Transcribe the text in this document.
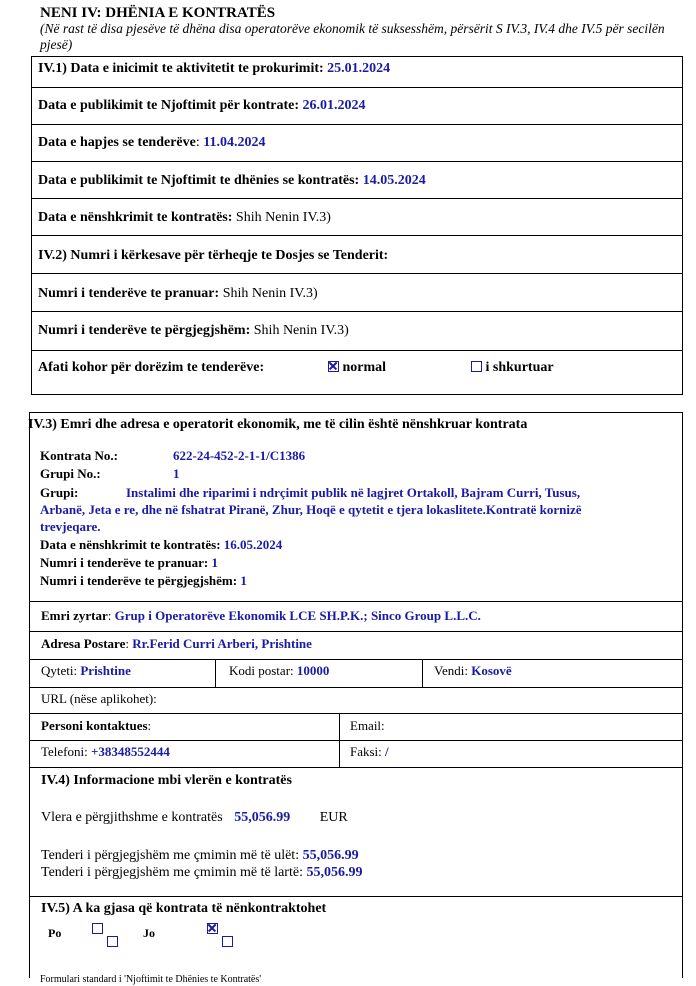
NENI IV: DHËNIA E KONTRATËS
(Në rast të disa pjesëve të dhëna disa operatorëve ekonomik të suksesshëm, përsërit S IV.3, IV.4 dhe IV.5 për secilën pjesë)
IV.1) Data e inicimit te aktivitetit te prokurimit: 25.01.2024
Data e publikimit te Njoftimit për kontrate: 26.01.2024
Data e hapjes se tenderëve: 11.04.2024
Data e publikimit te Njoftimit te dhënies se kontratës: 14.05.2024
Data e nënshkrimit te kontratës: Shih Nenin IV.3)
IV.2) Numri i kërkesave për tërheqje te Dosjes se Tenderit:
Numri i tenderëve te pranuar: Shih Nenin IV.3)
Numri i tenderëve te përgjegjshëm: Shih Nenin IV.3)
Afati kohor për dorëzim te tenderëve:	normal	i shkurtuar
IV.3) Emri dhe adresa e operatorit ekonomik, me të cilin është nënshkruar kontrata
Kontrata No.:	622-24-452-2-1-1/C1386
Grupi No.:	1
Grupi:	Instalimi dhe riparimi i ndrçimit publik në lagjret Ortakoll, Bajram Curri, Tusus,
Arbanë, Jeta e re, dhe në fshatrat Piranë, Zhur, Hoqë e qytetit e tjera lokaslitete.Kontratë kornizë
trevjeqare.
Data e nënshkrimit te kontratës: 16.05.2024
Numri i tenderëve te pranuar: 1
Numri i tenderëve te përgjegjshëm: 1
Emri zyrtar: Grup i Operatorëve Ekonomik LCE SH.P.K.; Sinco Group L.L.C.
Adresa Postare: Rr.Ferid Curri Arberi, Prishtine
Qyteti: Prishtine	Kodi postar: 10000	Vendi: Kosovë
URL (nëse aplikohet):
Personi kontaktues:	Email:
Telefoni: +38348552444	Faksi: /
IV.4) Informacione mbi vlerën e kontratës
Vlera e përgjithshme e kontratës 55,056.99 EUR
Tenderi i përgjegjshëm me çmimin më të ulët: 55,056.99
Tenderi i përgjegjshëm me çmimin më të lartë: 55,056.99
IV.5) A ka gjasa që kontrata të nënkontraktohet
Po
	Jo

Formulari standard i 'Njoftimit te Dhënies te Kontratës'
